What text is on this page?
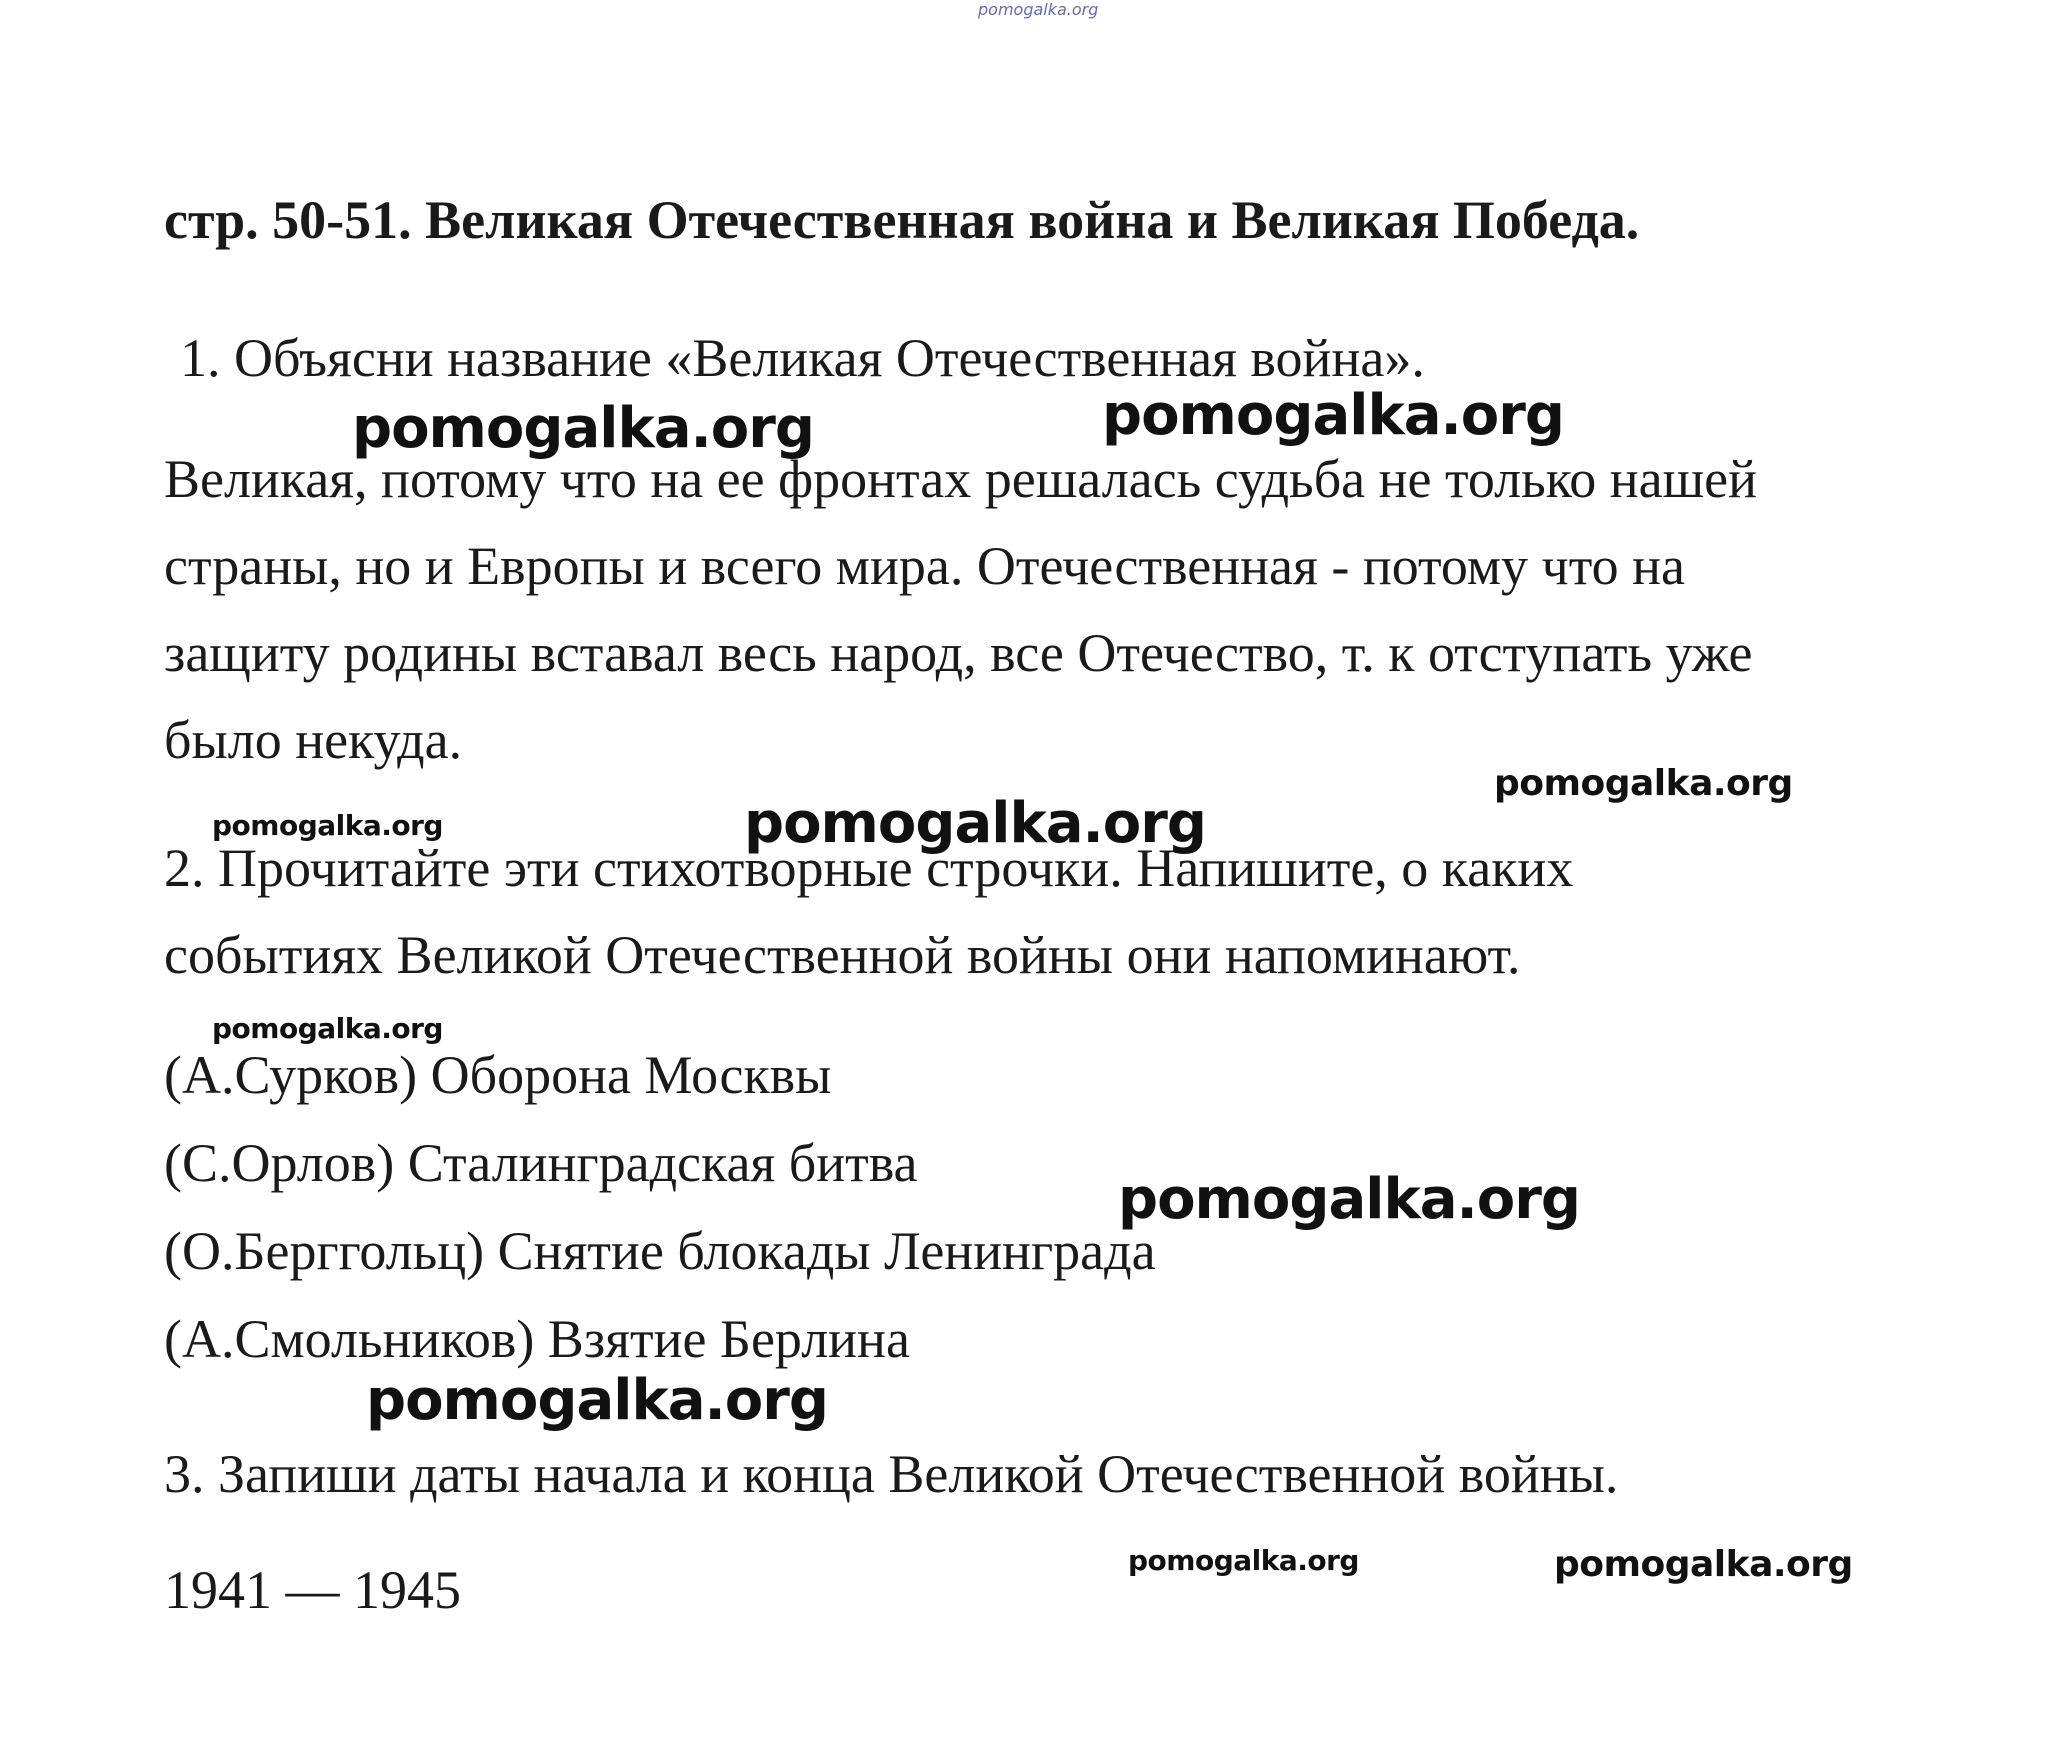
pomogalka.org
стр. 50-51. Великая Отечественная война и Великая Победа.
1. Объясни название «Великая Отечественная война».
Великая, потому что на ее фронтах решалась судьба не только нашей
страны, но и Европы и всего мира. Отечественная - потому что на
защиту родины вставал весь народ, все Отечество, т. к отступать уже
было некуда.
2. Прочитайте эти стихотворные строчки. Напишите, о каких
событиях Великой Отечественной войны они напоминают.
(А.Сурков) Оборона Москвы
(С.Орлов) Сталинградская битва
(О.Берггольц) Снятие блокады Ленинграда
(А.Смольников) Взятие Берлина
3. Запиши даты начала и конца Великой Отечественной войны.
1941 — 1945
pomogalka.org	pomogalka.org
pomogalka.org
pomogalka.org	pomogalka.org
pomogalka.org
pomogalka.org
pomogalka.org
pomogalka.org	pomogalka.org
